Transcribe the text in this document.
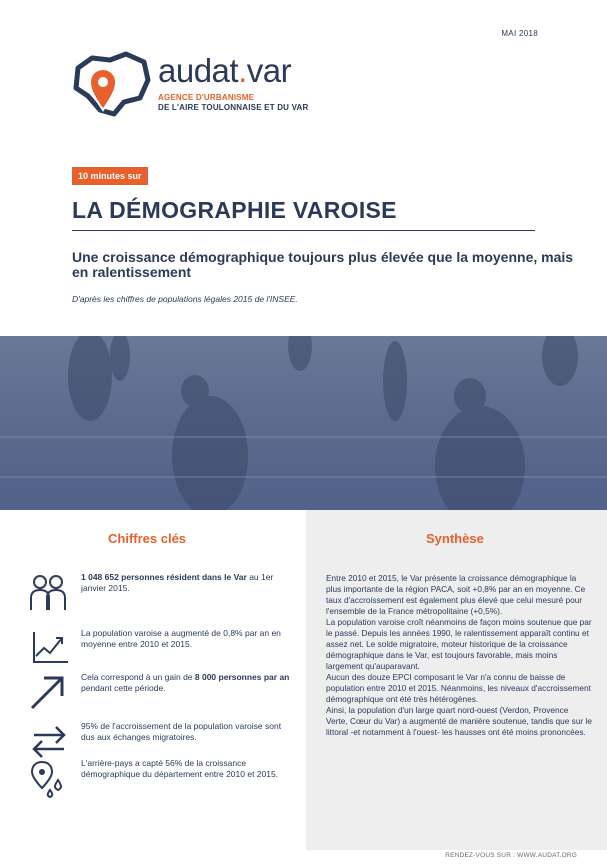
MAI 2018
audat.var
AGENCE D'URBANISME
DE L'AIRE TOULONNAISE ET DU VAR
10 minutes sur
LA DÉMOGRAPHIE VAROISE
Une croissance démographique toujours plus élevée que la moyenne, mais en ralentissement
D'après les chiffres de populations légales 2015 de l'INSEE.
Chiffres clés
1 048 652 personnes résident dans le Var au 1er janvier 2015.
La population varoise a augmenté de 0,8% par an en moyenne entre 2010 et 2015.
Cela correspond à un gain de 8 000 personnes par an pendant cette période.
95% de l'accroissement de la population varoise sont dus aux échanges migratoires.
L'arrière-pays a capté 56% de la croissance démographique du département entre 2010 et 2015.
Synthèse

Entre 2010 et 2015, le Var présente la croissance démographique la plus importante de la région PACA, soit +0,8% par an en moyenne. Ce taux d'accroissement est également plus élevé que celui mesuré pour l'ensemble de la France métropolitaine (+0,5%).

La population varoise croît néanmoins de façon moins soutenue que par le passé. Depuis les années 1990, le ralentissement apparaît continu et assez net. Le solde migratoire, moteur historique de la croissance démographique dans le Var, est toujours favorable, mais moins largement qu'auparavant.

Aucun des douze EPCI composant le Var n'a connu de baisse de population entre 2010 et 2015. Néanmoins, les niveaux d'accroissement démographique ont été très hétérogènes.

Ainsi, la population d'un large quart nord-ouest (Verdon, Provence Verte, Cœur du Var) a augmenté de manière soutenue, tandis que sur le littoral -et notamment à l'ouest- les hausses ont été moins prononcées.

RENDEZ-VOUS SUR : WWW.AUDAT.ORG
